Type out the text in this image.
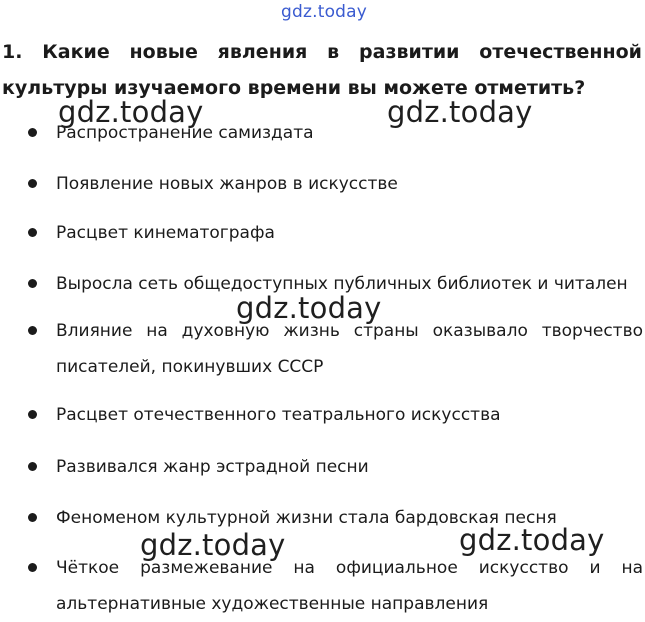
gdz.today
1. Какие новые явления в развитии отечественной культуры изучаемого времени вы можете отметить?
Распространение самиздата
Появление новых жанров в искусстве
Расцвет кинематографа
Выросла сеть общедоступных публичных библиотек и читален
Влияние на духовную жизнь страны оказывало творчество писателей, покинувших СССР
Расцвет отечественного театрального искусства
Развивался жанр эстрадной песни
Феноменом культурной жизни стала бардовская песня
Чёткое размежевание на официальное искусство и на альтернативные художественные направления
gdz.today	gdz.today
gdz.today
gdz.today	gdz.today
